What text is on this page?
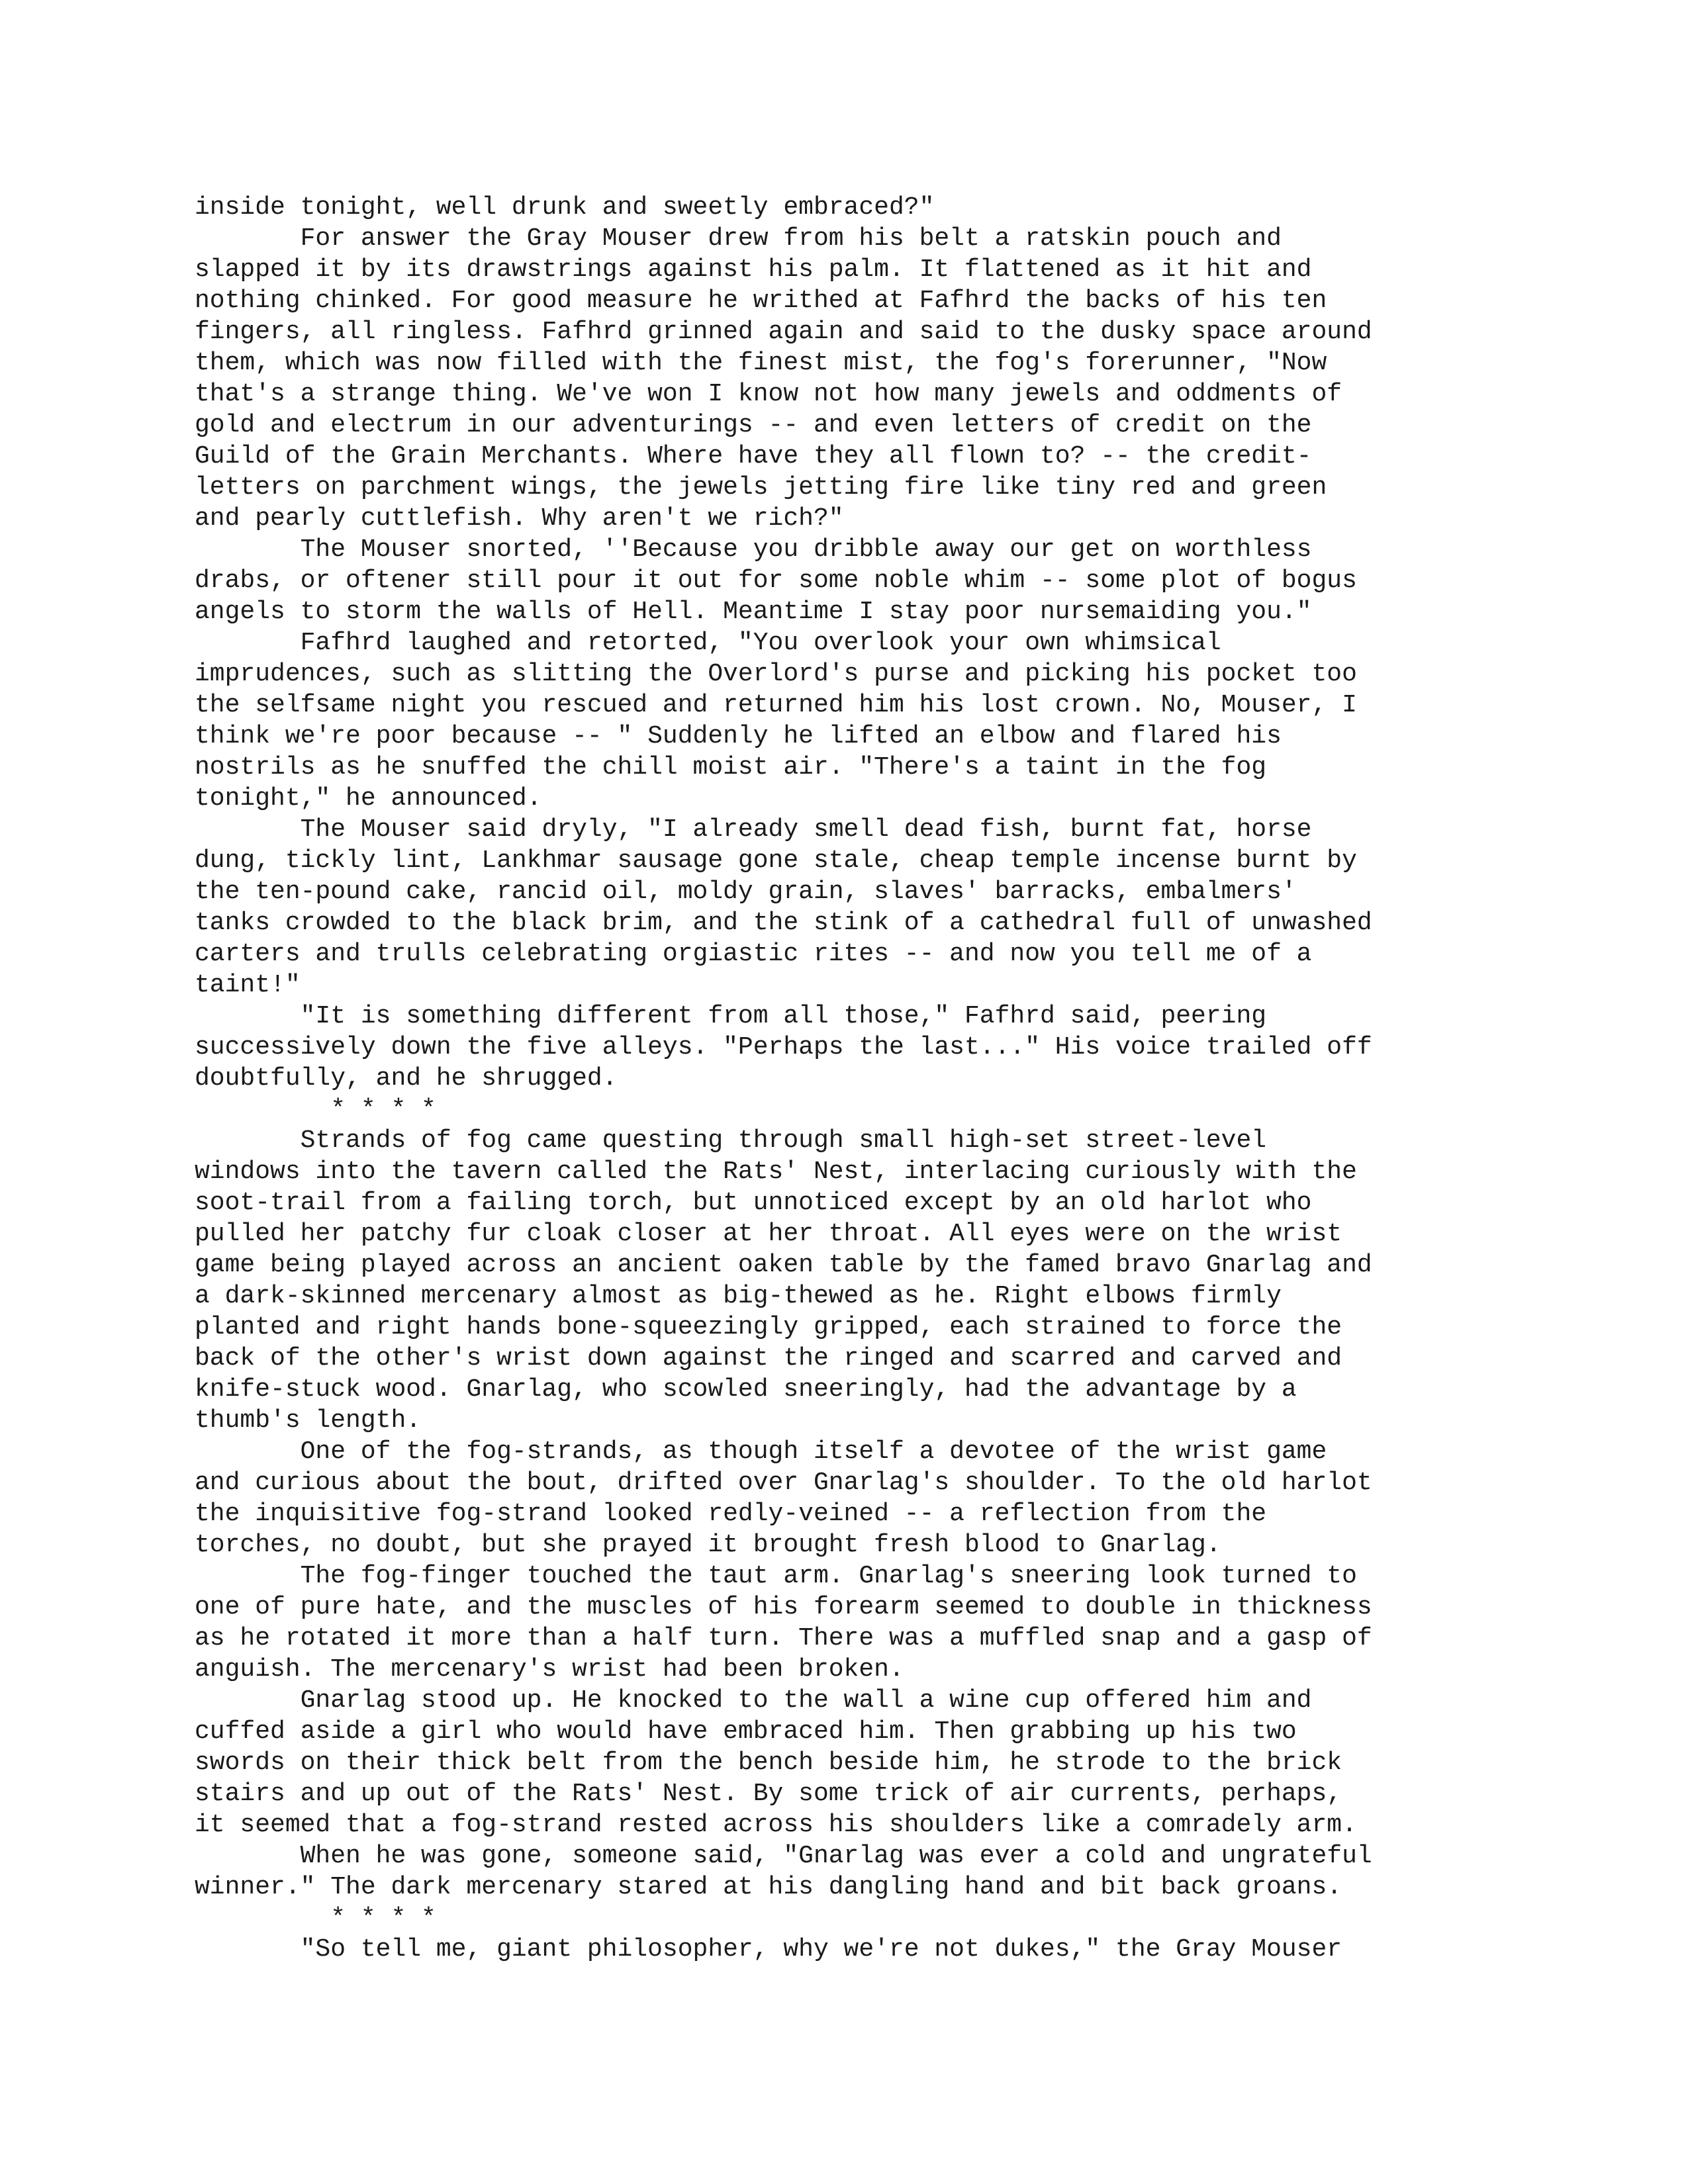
inside tonight, well drunk and sweetly embraced?"
For answer the Gray Mouser drew from his belt a ratskin pouch and
slapped it by its drawstrings against his palm. It flattened as it hit and
nothing chinked. For good measure he writhed at Fafhrd the backs of his ten
fingers, all ringless. Fafhrd grinned again and said to the dusky space around
them, which was now filled with the finest mist, the fog's forerunner, "Now
that's a strange thing. We've won I know not how many jewels and oddments of
gold and electrum in our adventurings -- and even letters of credit on the
Guild of the Grain Merchants. Where have they all flown to? -- the credit-
letters on parchment wings, the jewels jetting fire like tiny red and green
and pearly cuttlefish. Why aren't we rich?"
The Mouser snorted, ''Because you dribble away our get on worthless
drabs, or oftener still pour it out for some noble whim -- some plot of bogus
angels to storm the walls of Hell. Meantime I stay poor nursemaiding you."
Fafhrd laughed and retorted, "You overlook your own whimsical
imprudences, such as slitting the Overlord's purse and picking his pocket too
the selfsame night you rescued and returned him his lost crown. No, Mouser, I
think we're poor because -- " Suddenly he lifted an elbow and flared his
nostrils as he snuffed the chill moist air. "There's a taint in the fog
tonight," he announced.
The Mouser said dryly, "I already smell dead fish, burnt fat, horse
dung, tickly lint, Lankhmar sausage gone stale, cheap temple incense burnt by
the ten-pound cake, rancid oil, moldy grain, slaves' barracks, embalmers'
tanks crowded to the black brim, and the stink of a cathedral full of unwashed
carters and trulls celebrating orgiastic rites -- and now you tell me of a
taint!"
"It is something different from all those," Fafhrd said, peering
successively down the five alleys. "Perhaps the last..." His voice trailed off
doubtfully, and he shrugged.
* * * *
Strands of fog came questing through small high-set street-level
windows into the tavern called the Rats' Nest, interlacing curiously with the
soot-trail from a failing torch, but unnoticed except by an old harlot who
pulled her patchy fur cloak closer at her throat. All eyes were on the wrist
game being played across an ancient oaken table by the famed bravo Gnarlag and
a dark-skinned mercenary almost as big-thewed as he. Right elbows firmly
planted and right hands bone-squeezingly gripped, each strained to force the
back of the other's wrist down against the ringed and scarred and carved and
knife-stuck wood. Gnarlag, who scowled sneeringly, had the advantage by a
thumb's length.
One of the fog-strands, as though itself a devotee of the wrist game
and curious about the bout, drifted over Gnarlag's shoulder. To the old harlot
the inquisitive fog-strand looked redly-veined -- a reflection from the
torches, no doubt, but she prayed it brought fresh blood to Gnarlag.
The fog-finger touched the taut arm. Gnarlag's sneering look turned to
one of pure hate, and the muscles of his forearm seemed to double in thickness
as he rotated it more than a half turn. There was a muffled snap and a gasp of
anguish. The mercenary's wrist had been broken.
Gnarlag stood up. He knocked to the wall a wine cup offered him and
cuffed aside a girl who would have embraced him. Then grabbing up his two
swords on their thick belt from the bench beside him, he strode to the brick
stairs and up out of the Rats' Nest. By some trick of air currents, perhaps,
it seemed that a fog-strand rested across his shoulders like a comradely arm.
When he was gone, someone said, "Gnarlag was ever a cold and ungrateful
winner." The dark mercenary stared at his dangling hand and bit back groans.
* * * *
"So tell me, giant philosopher, why we're not dukes," the Gray Mouser
